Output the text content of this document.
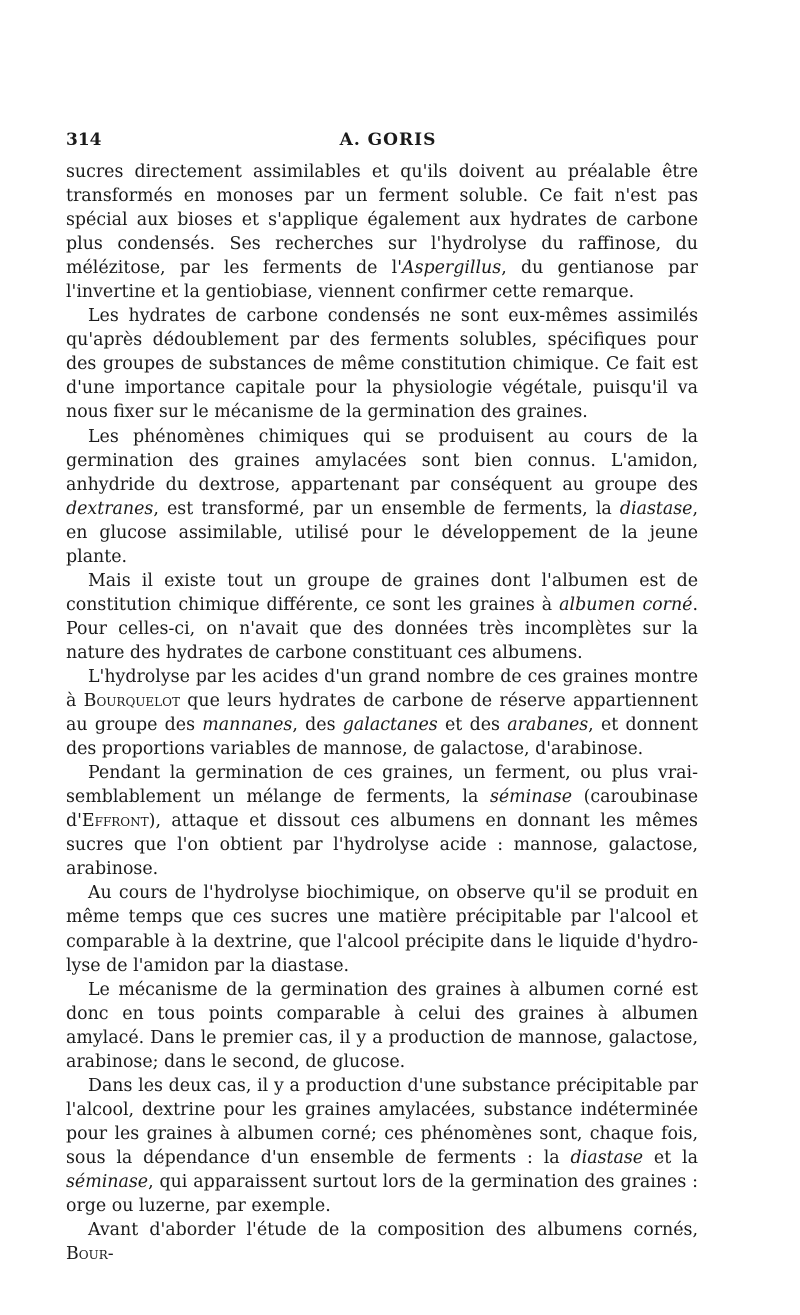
314	A. GORIS

sucres directement assimilables et qu'ils doivent au préalable être transformés en monoses par un ferment soluble. Ce fait n'est pas spécial aux bioses et s'applique également aux hydrates de carbone plus condensés. Ses recherches sur l'hydrolyse du raffinose, du mélézitose, par les ferments de l'Aspergillus, du gentianose par l'invertine et la gentiobiase, viennent confirmer cette remarque.

Les hydrates de carbone condensés ne sont eux-mêmes assimilés qu'après dédoublement par des ferments solubles, spécifiques pour des groupes de substances de même constitution chimique. Ce fait est d'une importance capitale pour la physiologie végétale, puisqu'il va nous fixer sur le mécanisme de la germination des graines.

Les phénomènes chimiques qui se produisent au cours de la germination des graines amylacées sont bien connus. L'amidon, anhydride du dextrose, appartenant par conséquent au groupe des dextranes, est transformé, par un ensemble de ferments, la diastase, en glucose assimilable, utilisé pour le développement de la jeune plante.

Mais il existe tout un groupe de graines dont l'albumen est de constitution chimique différente, ce sont les graines à albumen corné. Pour celles-ci, on n'avait que des données très incomplètes sur la nature des hydrates de carbone constituant ces albumens.

L'hydrolyse par les acides d'un grand nombre de ces graines montre à Bourquelot que leurs hydrates de carbone de réserve appartiennent au groupe des mannanes, des galactanes et des arabanes, et donnent des proportions variables de mannose, de galactose, d'arabinose.

Pendant la germination de ces graines, un ferment, ou plus vraisemblablement un mélange de ferments, la séminase (caroubinase d'Effront), attaque et dissout ces albumens en donnant les mêmes sucres que l'on obtient par l'hydrolyse acide : mannose, galactose, arabinose.

Au cours de l'hydrolyse biochimique, on observe qu'il se produit en même temps que ces sucres une matière précipitable par l'alcool et comparable à la dextrine, que l'alcool précipite dans le liquide d'hydrolyse de l'amidon par la diastase.

Le mécanisme de la germination des graines à albumen corné est donc en tous points comparable à celui des graines à albumen amylacé. Dans le premier cas, il y a production de mannose, galactose, arabinose; dans le second, de glucose.

Dans les deux cas, il y a production d'une substance précipitable par l'alcool, dextrine pour les graines amylacées, substance indéterminée pour les graines à albumen corné; ces phénomènes sont, chaque fois, sous la dépendance d'un ensemble de ferments : la diastase et la séminase, qui apparaissent surtout lors de la germination des graines : orge ou luzerne, par exemple.

Avant d'aborder l'étude de la composition des albumens cornés, Bour-
